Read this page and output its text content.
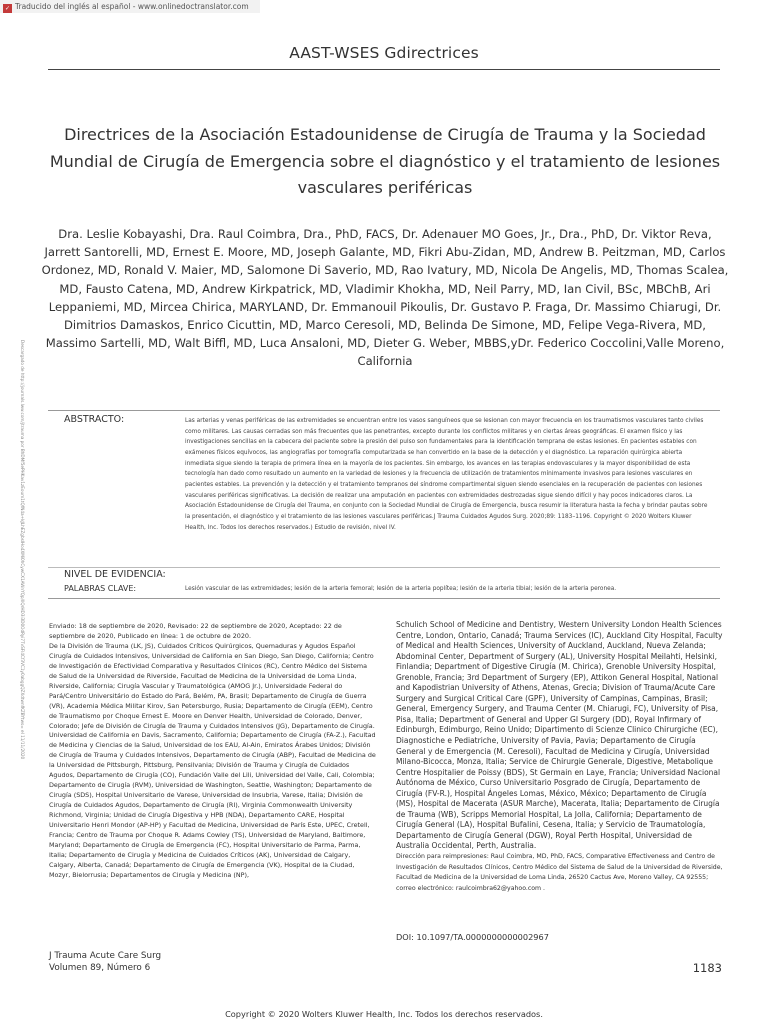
✓ Traducido del inglés al español - www.onlinedoctranslator.com
AAST-WSES Gdirectrices
Directrices de la Asociación Estadounidense de Cirugía de Trauma y la Sociedad Mundial de Cirugía de Emergencia sobre el diagnóstico y el tratamiento de lesiones vasculares periféricas
Dra. Leslie Kobayashi, Dra. Raul Coimbra, Dra., PhD, FACS, Dr. Adenauer MO Goes, Jr., Dra., PhD, Dr. Viktor Reva, Jarrett Santorelli, MD, Ernest E. Moore, MD, Joseph Galante, MD, Fikri Abu-Zidan, MD, Andrew B. Peitzman, MD, Carlos Ordonez, MD, Ronald V. Maier, MD, Salomone Di Saverio, MD, Rao Ivatury, MD, Nicola De Angelis, MD, Thomas Scalea, MD, Fausto Catena, MD, Andrew Kirkpatrick, MD, Vladimir Khokha, MD, Neil Parry, MD, Ian Civil, BSc, MBChB, Ari Leppaniemi, MD, Mircea Chirica, MARYLAND, Dr. Emmanouil Pikoulis, Dr. Gustavo P. Fraga, Dr. Massimo Chiarugi, Dr. Dimitrios Damaskos, Enrico Cicuttin, MD, Marco Ceresoli, MD, Belinda De Simone, MD, Felipe Vega-Rivera, MD, Massimo Sartelli, MD, Walt Biffl, MD, Luca Ansaloni, MD, Dieter G. Weber, MBBS,yDr. Federico Coccolini,Valle Moreno, California
Descargado de http://journals.lww.com/jtrauma por BhDMf5ePHKav1zEoum1tQfN4a+kJLhEZgbsIHo4XMi0hCywCX1AWnYQp/IlQrHD3i3D0OdRyi7TvSFl4Cf3VC1y0abggQZXdtwnfKZBYtws= el 11/11/2020	ABSTRACTO:	Las arterias y venas periféricas de las extremidades se encuentran entre los vasos sanguíneos que se lesionan con mayor frecuencia en los traumatismos vasculares tanto civiles como militares. Las causas cerradas son más frecuentes que las penetrantes, excepto durante los conflictos militares y en ciertas áreas geográficas. El examen físico y las investigaciones sencillas en la cabecera del paciente sobre la presión del pulso son fundamentales para la identificación temprana de estas lesiones. En pacientes estables con exámenes físicos equívocos, las angiografías por tomografía computarizada se han convertido en la base de la detección y el diagnóstico. La reparación quirúrgica abierta inmediata sigue siendo la terapia de primera línea en la mayoría de los pacientes. Sin embargo, los avances en las terapias endovasculares y la mayor disponibilidad de esta tecnología han dado como resultado un aumento en la variedad de lesiones y la frecuencia de utilización de tratamientos mínimamente invasivos para lesiones vasculares en pacientes estables. La prevención y la detección y el tratamiento tempranos del síndrome compartimental siguen siendo esenciales en la recuperación de pacientes con lesiones vasculares periféricas significativas. La decisión de realizar una amputación en pacientes con extremidades destrozadas sigue siendo difícil y hay pocos indicadores claros. La Asociación Estadounidense de Cirugía del Trauma, en conjunto con la Sociedad Mundial de Cirugía de Emergencia, busca resumir la literatura hasta la fecha y brindar pautas sobre la presentación, el diagnóstico y el tratamiento de las lesiones vasculares periféricas.J Trauma Cuidados Agudos Surg. 2020;89: 1183–1196. Copyright © 2020 Wolters Kluwer Health, Inc. Todos los derechos reservados.) Estudio de revisión, nivel IV.
NIVEL DE EVIDENCIA:
PALABRAS CLAVE:	Lesión vascular de las extremidades; lesión de la arteria femoral; lesión de la arteria poplítea; lesión de la arteria tibial; lesión de la arteria peronea.

Enviado: 18 de septiembre de 2020, Revisado: 22 de septiembre de 2020, Aceptado: 22 de septiembre de 2020, Publicado en línea: 1 de octubre de 2020.

De la División de Trauma (LK, JS), Cuidados Críticos Quirúrgicos, Quemaduras y Agudos Español Cirugía de Cuidados Intensivos, Universidad de California en San Diego, San Diego, California; Centro de Investigación de Efectividad Comparativa y Resultados Clínicos (RC), Centro Médico del Sistema de Salud de la Universidad de Riverside, Facultad de Medicina de la Universidad de Loma Linda, Riverside, California; Cirugía Vascular y Traumatológica (AMOG Jr.), Universidade Federal do Pará/Centro Universitário do Estado do Pará, Belém, PA, Brasil; Departamento de Cirugía de Guerra (VR), Academia Médica Militar Kirov, San Petersburgo, Rusia; Departamento de Cirugía (EEM), Centro de Traumatismo por Choque Ernest E. Moore en Denver Health, Universidad de Colorado, Denver, Colorado; Jefe de División de Cirugía de Trauma y Cuidados Intensivos (JG), Departamento de Cirugía. Universidad de California en Davis, Sacramento, California; Departamento de Cirugía (FA-Z.), Facultad de Medicina y Ciencias de la Salud, Universidad de los EAU, Al-Ain, Emiratos Árabes Unidos; División de Cirugía de Trauma y Cuidados Intensivos, Departamento de Cirugía (ABP), Facultad de Medicina de la Universidad de Pittsburgh, Pittsburg, Pensilvania; División de Trauma y Cirugía de Cuidados Agudos, Departamento de Cirugía (CO), Fundación Valle del Lili, Universidad del Valle, Cali, Colombia; Departamento de Cirugía (RVM), Universidad de Washington, Seattle, Washington; Departamento de Cirugía (SDS), Hospital Universitario de Varese, Universidad de Insubria, Varese, Italia; División de Cirugía de Cuidados Agudos, Departamento de Cirugía (RI), Virginia Commonwealth University Richmond, Virginia; Unidad de Cirugía Digestiva y HPB (NDA), Departamento CARE, Hospital Universitario Henri Mondor (AP-HP) y Facultad de Medicina, Universidad de París Este, UPEC, Cretell, Francia; Centro de Trauma por Choque R. Adams Cowley (TS), Universidad de Maryland, Baltimore, Maryland; Departamento de Cirugía de Emergencia (FC), Hospital Universitario de Parma, Parma, Italia; Departamento de Cirugía y Medicina de Cuidados Críticos (AK), Universidad de Calgary, Calgary, Alberta, Canadá; Departamento de Cirugía de Emergencia (VK), Hospital de la Ciudad, Mozyr, Bielorrusia; Departamentos de Cirugía y Medicina (NP),

Schulich School of Medicine and Dentistry, Western University London Health Sciences Centre, London, Ontario, Canadá; Trauma Services (IC), Auckland City Hospital, Faculty of Medical and Health Sciences, University of Auckland, Auckland, Nueva Zelanda; Abdominal Center, Department of Surgery (AL), University Hospital Meilahti, Helsinki, Finlandia; Department of Digestive Cirugía (M. Chirica), Grenoble University Hospital, Grenoble, Francia; 3rd Department of Surgery (EP), Attikon General Hospital, National and Kapodistrian University of Athens, Atenas, Grecia; Division of Trauma/Acute Care Surgery and Surgical Critical Care (GPF), University of Campinas, Campinas, Brasil; General, Emergency Surgery, and Trauma Center (M. Chiarugi, FC), University of Pisa, Pisa, Italia; Department of General and Upper GI Surgery (DD), Royal Infirmary of Edinburgh, Edimburgo, Reino Unido; Dipartimento di Scienze Clinico Chirurgiche (EC), Diagnostiche e Pediatriche, University of Pavia, Pavia; Departamento de Cirugía General y de Emergencia (M. Ceresoli), Facultad de Medicina y Cirugía, Universidad Milano-Bicocca, Monza, Italia; Service de Chirurgie Generale, Digestive, Metabolique Centre Hospitalier de Poissy (BDS), St Germain en Laye, Francia; Universidad Nacional Autónoma de México, Curso Universitario Posgrado de Cirugía, Departamento de Cirugía (FV-R.), Hospital Ángeles Lomas, México, México; Departamento de Cirugía (MS), Hospital de Macerata (ASUR Marche), Macerata, Italia; Departamento de Cirugía de Trauma (WB), Scripps Memorial Hospital, La Jolla, California; Departamento de Cirugía General (LA), Hospital Bufalini, Cesena, Italia; y Servicio de Traumatología, Departamento de Cirugía General (DGW), Royal Perth Hospital, Universidad de Australia Occidental, Perth, Australia.

Dirección para reimpresiones: Raul Coimbra, MD, PhD, FACS, Comparative Effectiveness and Centro de Investigación de Resultados Clínicos, Centro Médico del Sistema de Salud de la Universidad de Riverside, Facultad de Medicina de la Universidad de Loma Linda, 26520 Cactus Ave, Moreno Valley, CA 92555; correo electrónico: raulcoimbra62@yahoo.com .

DOI: 10.1097/TA.0000000000002967
J Trauma Acute Care Surg
Volumen 89, Número 6	1183
Copyright © 2020 Wolters Kluwer Health, Inc. Todos los derechos reservados.
